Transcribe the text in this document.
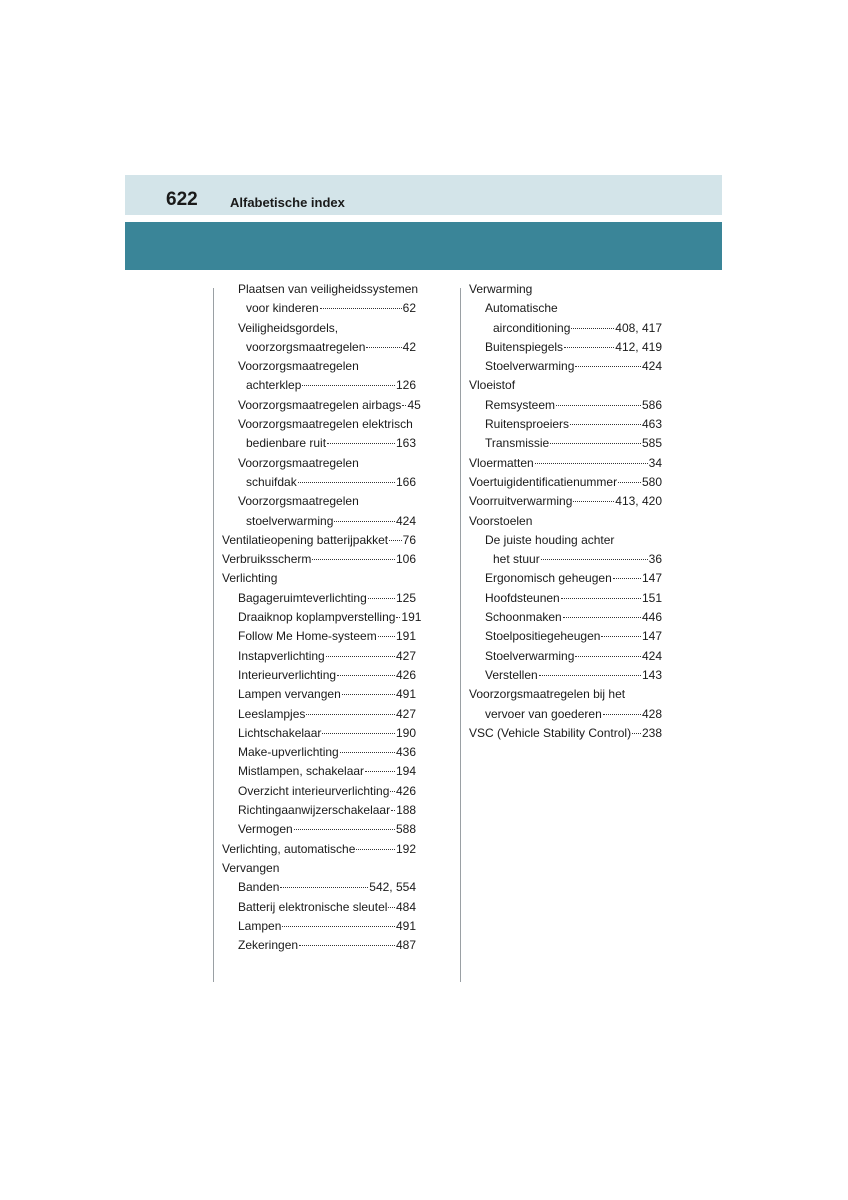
622 Alfabetische index
Plaatsen van veiligheidssystemen
voor kinderen	62
Veiligheidsgordels,
voorzorgsmaatregelen	42
Voorzorgsmaatregelen
achterklep	126
Voorzorgsmaatregelen airbags 45
Voorzorgsmaatregelen elektrisch
bedienbare ruit	163
Voorzorgsmaatregelen
schuifdak	166
Voorzorgsmaatregelen
stoelverwarming	424
Ventilatieopening batterijpakket 76
Verbruiksscherm	106
Verlichting
Bagageruimteverlichting 125
Draaiknop koplampverstelling 191
Follow Me Home-systeem 191
Instapverlichting	427
Interieurverlichting	426
Lampen vervangen	491
Leeslampjes	427
Lichtschakelaar	190
Make-upverlichting	436
Mistlampen, schakelaar	194
Overzicht interieurverlichting 426
Richtingaanwijzerschakelaar 188
Vermogen	588
Verlichting, automatische	192
Vervangen
Banden	542, 554
Batterij elektronische sleutel 484
Lampen	491
Zekeringen	487
Verwarming
Automatische
airconditioning	408, 417
Buitenspiegels	412, 419
Stoelverwarming	424
Vloeistof
Remsysteem	586
Ruitensproeiers	463
Transmissie	585
Vloermatten	34
Voertuigidentificatienummer 580
Voorruitverwarming	413, 420
Voorstoelen
De juiste houding achter
het stuur	36
Ergonomisch geheugen	147
Hoofdsteunen	151
Schoonmaken	446
Stoelpositiegeheugen	147
Stoelverwarming	424
Verstellen	143
Voorzorgsmaatregelen bij het
vervoer van goederen	428
VSC (Vehicle Stability Control) 238
